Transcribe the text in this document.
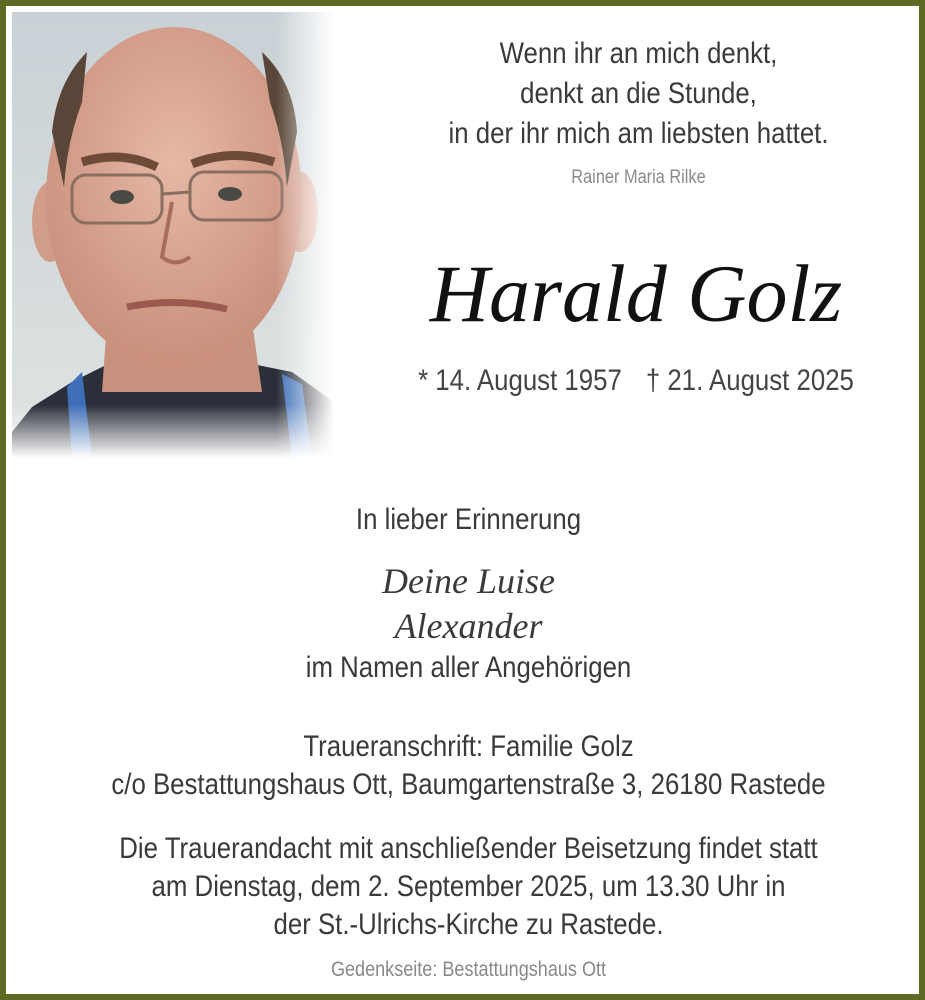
Wenn ihr an mich denkt,
denkt an die Stunde,
in der ihr mich am liebsten hattet.
Rainer Maria Rilke
Harald Golz
* 14. August 1957 † 21. August 2025
In lieber Erinnerung
Deine Luise
Alexander
im Namen aller Angehörigen
Traueranschrift: Familie Golz
c/o Bestattungshaus Ott, Baumgartenstraße 3, 26180 Rastede
Die Trauerandacht mit anschließender Beisetzung findet statt
am Dienstag, dem 2. September 2025, um 13.30 Uhr in
der St.-Ulrichs-Kirche zu Rastede.
Gedenkseite: Bestattungshaus Ott
